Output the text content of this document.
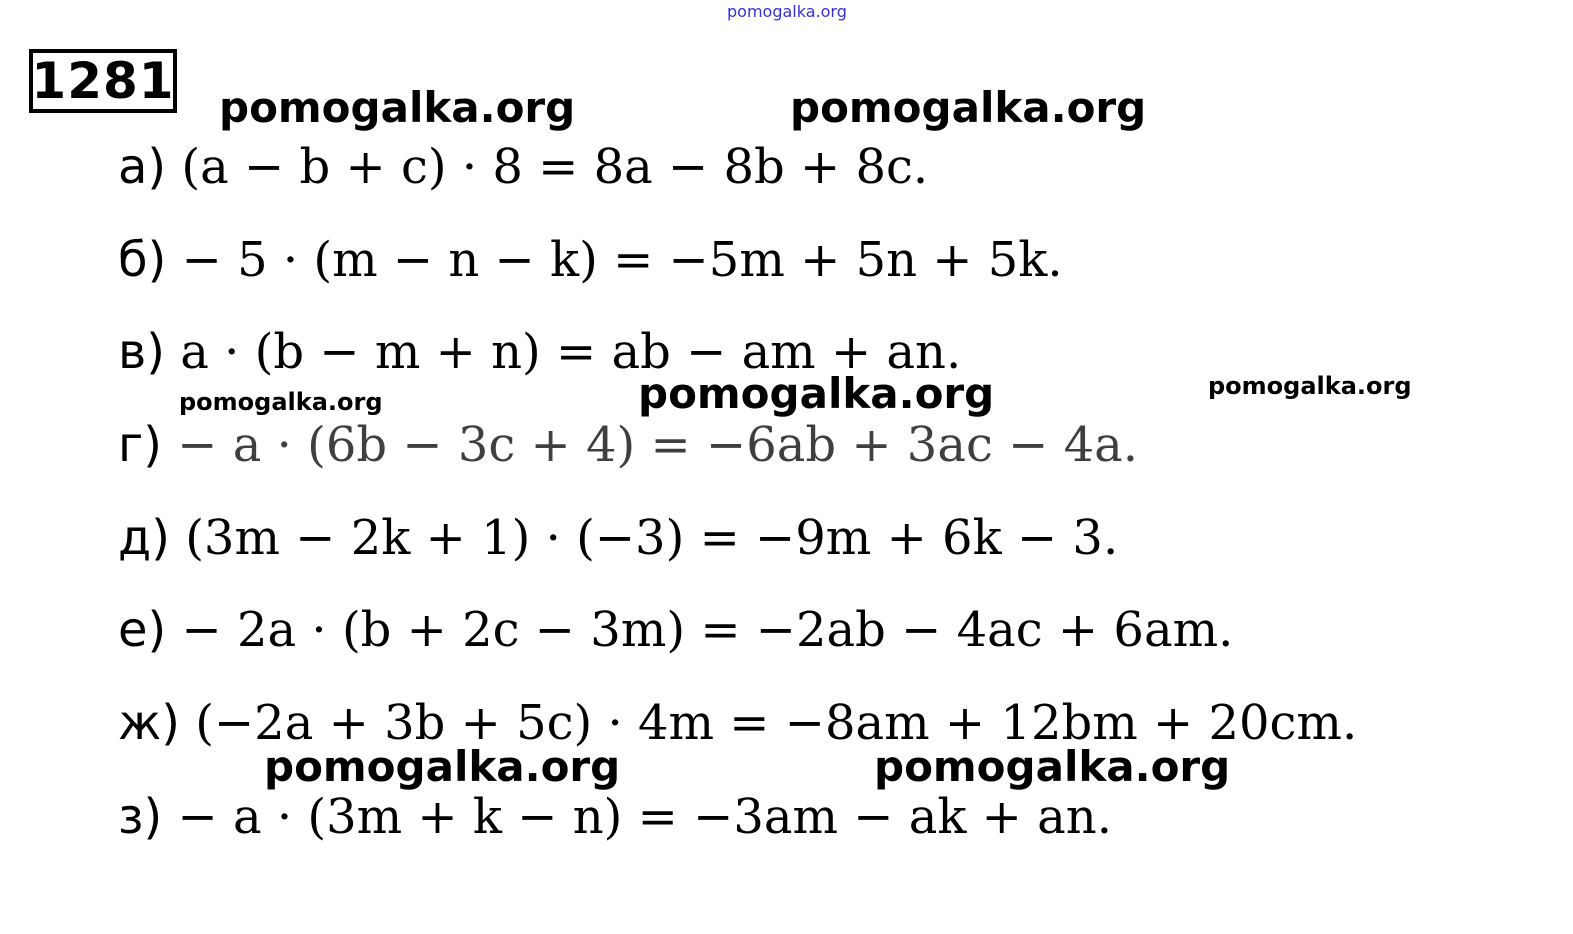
pomogalka.org
1281
а) (a − b + c) · 8 = 8a − 8b + 8c.
б) − 5 · (m − n − k) = −5m + 5n + 5k.
в) a · (b − m + n) = ab − am + an.
г) − a · (6b − 3c + 4) = −6ab + 3ac − 4a.
д) (3m − 2k + 1) · (−3) = −9m + 6k − 3.
е) − 2a · (b + 2c − 3m) = −2ab − 4ac + 6am.
ж) (−2a + 3b + 5c) · 4m = −8am + 12bm + 20cm.
з) − a · (3m + k − n) = −3am − ak + an.
pomogalka.org	pomogalka.org
pomogalka.org
pomogalka.org
pomogalka.org
pomogalka.org	pomogalka.org
